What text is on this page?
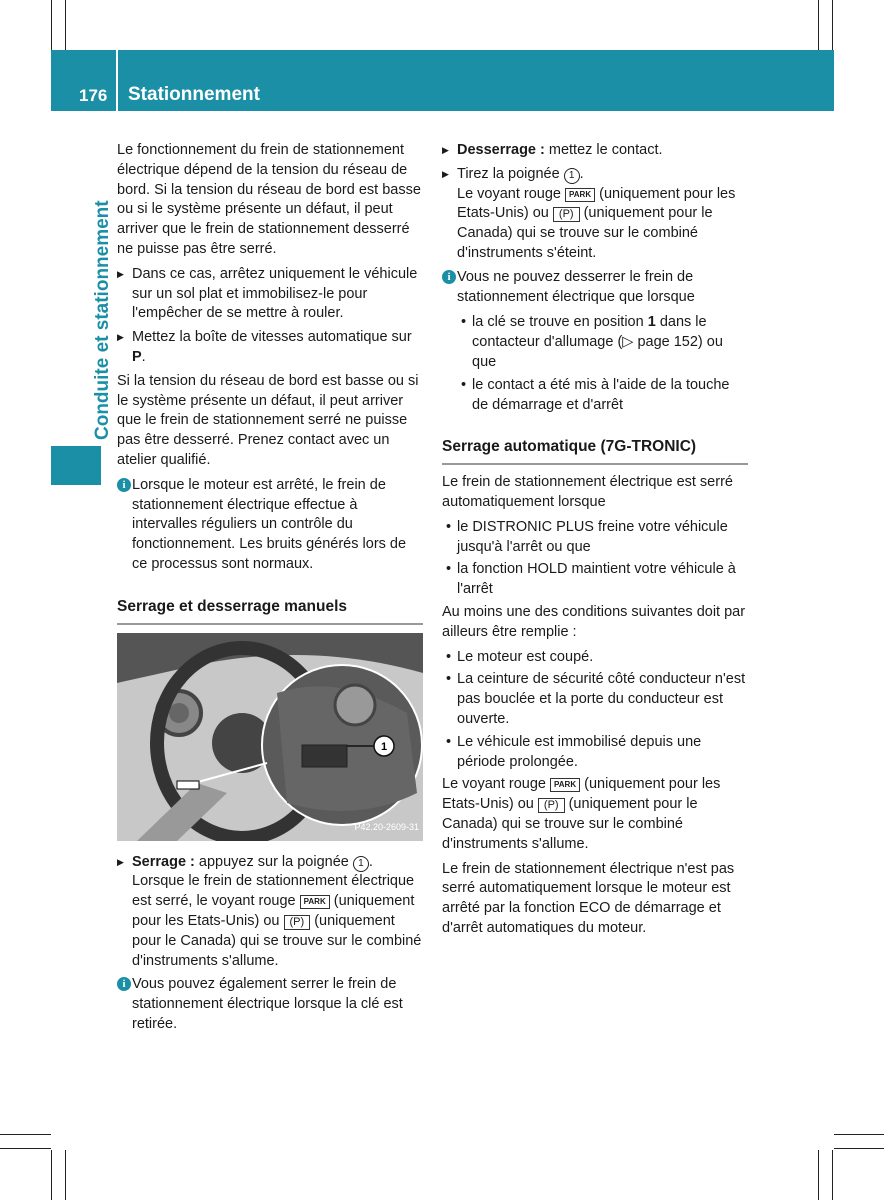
176 Stationnement
Conduite et stationnement

Le fonctionnement du frein de stationnement électrique dépend de la tension du réseau de bord. Si la tension du réseau de bord est basse ou si le système présente un défaut, il peut arriver que le frein de stationnement desserré ne puisse pas être serré.

▶ Dans ce cas, arrêtez uniquement le véhicule sur un sol plat et immobilisez-le pour l'empêcher de se mettre à rouler.
▶ Mettez la boîte de vitesses automatique sur P.

Si la tension du réseau de bord est basse ou si le système présente un défaut, il peut arriver que le frein de stationnement serré ne puisse pas être desserré. Prenez contact avec un atelier qualifié.

i Lorsque le moteur est arrêté, le frein de stationnement électrique effectue à intervalles réguliers un contrôle du fonctionnement. Les bruits générés lors de ce processus sont normaux.
Serrage et desserrage manuels
1
P42.20-2609-31
▶ Serrage : appuyez sur la poignée 1 .
Lorsque le frein de stationnement électrique est serré, le voyant rouge PARK (uniquement pour les Etats-Unis) ou (P) (uniquement pour le Canada) qui se trouve sur le combiné d'instruments s'allume.
i Vous pouvez également serrer le frein de stationnement électrique lorsque la clé est retirée.
▶ Desserrage : mettez le contact.
▶ Tirez la poignée 1 .
Le voyant rouge PARK (uniquement pour les Etats-Unis) ou (P) (uniquement pour le Canada) qui se trouve sur le combiné d'instruments s'éteint.
i Vous ne pouvez desserrer le frein de stationnement électrique que lorsque
• la clé se trouve en position 1 dans le contacteur d'allumage (▷ page 152) ou que
• le contact a été mis à l'aide de la touche de démarrage et d'arrêt
Serrage automatique (7G-TRONIC)

Le frein de stationnement électrique est serré automatiquement lorsque

• le DISTRONIC PLUS freine votre véhicule jusqu'à l'arrêt ou que
• la fonction HOLD maintient votre véhicule à l'arrêt

Au moins une des conditions suivantes doit par ailleurs être remplie :

• Le moteur est coupé.
• La ceinture de sécurité côté conducteur n'est pas bouclée et la porte du conducteur est ouverte.
• Le véhicule est immobilisé depuis une période prolongée.

Le voyant rouge PARK (uniquement pour les Etats-Unis) ou (P) (uniquement pour le Canada) qui se trouve sur le combiné d'instruments s'allume.

Le frein de stationnement électrique n'est pas serré automatiquement lorsque le moteur est arrêté par la fonction ECO de démarrage et d'arrêt automatiques du moteur.
